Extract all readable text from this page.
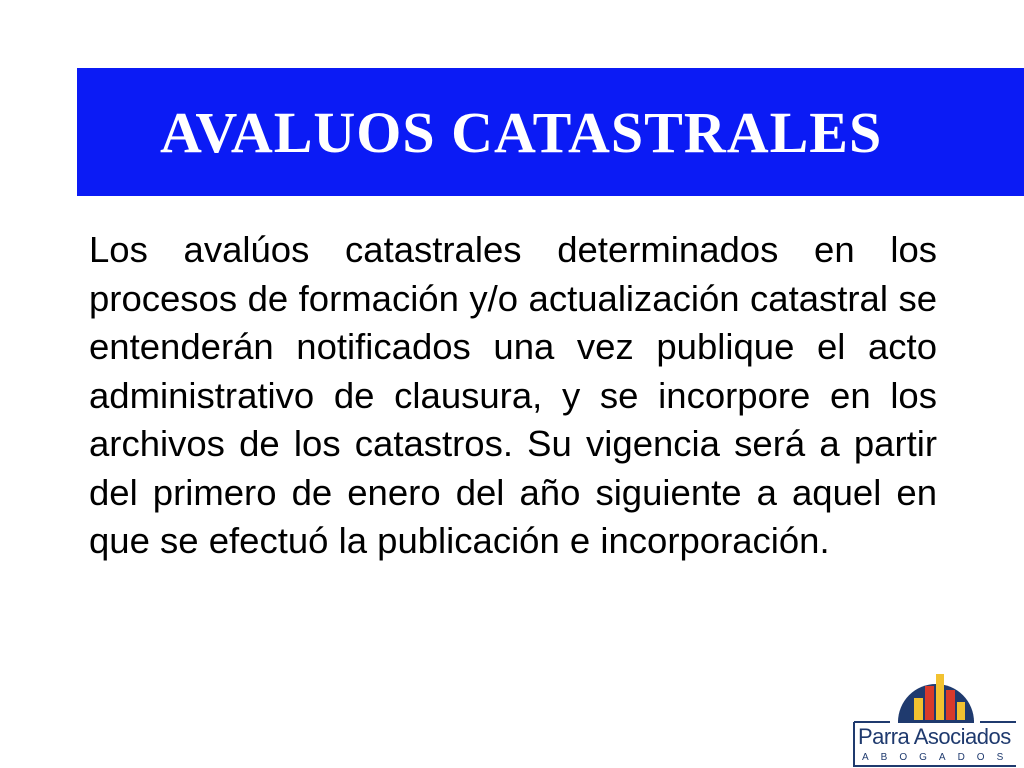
AVALUOS CATASTRALES

Los avalúos catastrales determinados en los procesos de formación y/o actualización catastral se entenderán notificados una vez publique el acto administrativo de clausura, y se incorpore en los archivos de los catastros. Su vigencia será a partir del primero de enero del año siguiente a aquel en que se efectuó la publicación e incorporación.

Parra Asociados
ABOGADOS
